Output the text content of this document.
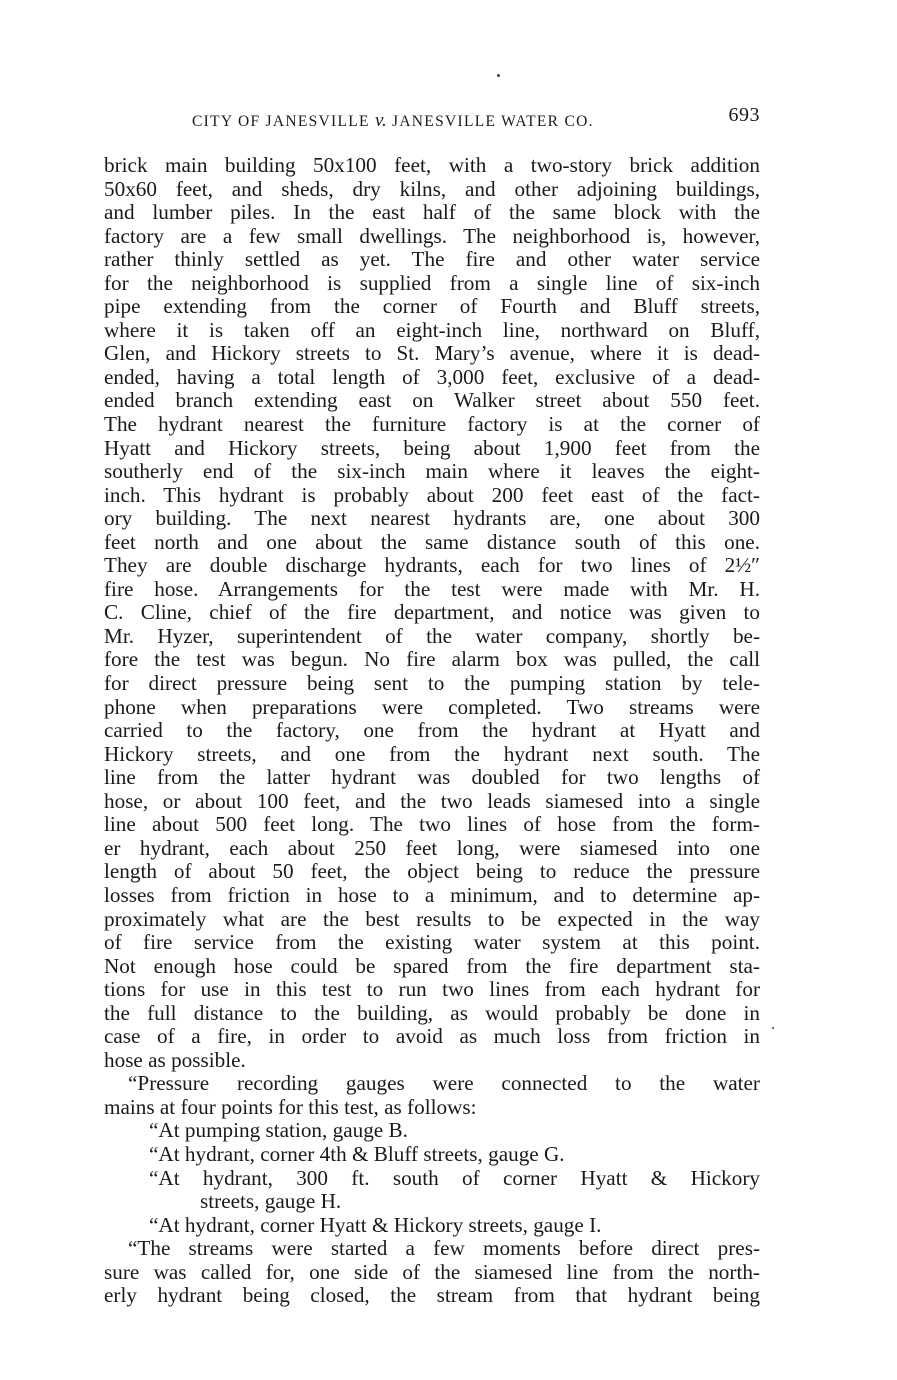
CITY OF JANESVILLE v. JANESVILLE WATER CO.	693
brick main building 50x100 feet, with a two-story brick addition
50x60 feet, and sheds, dry kilns, and other adjoining buildings,
and lumber piles. In the east half of the same block with the
factory are a few small dwellings. The neighborhood is, however,
rather thinly settled as yet. The fire and other water service
for the neighborhood is supplied from a single line of six-inch
pipe extending from the corner of Fourth and Bluff streets,
where it is taken off an eight-inch line, northward on Bluff,
Glen, and Hickory streets to St. Mary’s avenue, where it is dead-
ended, having a total length of 3,000 feet, exclusive of a dead-
ended branch extending east on Walker street about 550 feet.
The hydrant nearest the furniture factory is at the corner of
Hyatt and Hickory streets, being about 1,900 feet from the
southerly end of the six-inch main where it leaves the eight-
inch. This hydrant is probably about 200 feet east of the fact-
ory building. The next nearest hydrants are, one about 300
feet north and one about the same distance south of this one.
They are double discharge hydrants, each for two lines of 2½″
fire hose. Arrangements for the test were made with Mr. H.
C. Cline, chief of the fire department, and notice was given to
Mr. Hyzer, superintendent of the water company, shortly be-
fore the test was begun. No fire alarm box was pulled, the call
for direct pressure being sent to the pumping station by tele-
phone when preparations were completed. Two streams were
carried to the factory, one from the hydrant at Hyatt and
Hickory streets, and one from the hydrant next south. The
line from the latter hydrant was doubled for two lengths of
hose, or about 100 feet, and the two leads siamesed into a single
line about 500 feet long. The two lines of hose from the form-
er hydrant, each about 250 feet long, were siamesed into one
length of about 50 feet, the object being to reduce the pressure
losses from friction in hose to a minimum, and to determine ap-
proximately what are the best results to be expected in the way
of fire service from the existing water system at this point.
Not enough hose could be spared from the fire department sta-
tions for use in this test to run two lines from each hydrant for
the full distance to the building, as would probably be done in
case of a fire, in order to avoid as much loss from friction in
hose as possible.
“Pressure recording gauges were connected to the water
mains at four points for this test, as follows:
“At pumping station, gauge B.
“At hydrant, corner 4th & Bluff streets, gauge G.
“At hydrant, 300 ft. south of corner Hyatt & Hickory
streets, gauge H.
“At hydrant, corner Hyatt & Hickory streets, gauge I.
“The streams were started a few moments before direct pres-
sure was called for, one side of the siamesed line from the north-
erly hydrant being closed, the stream from that hydrant being
